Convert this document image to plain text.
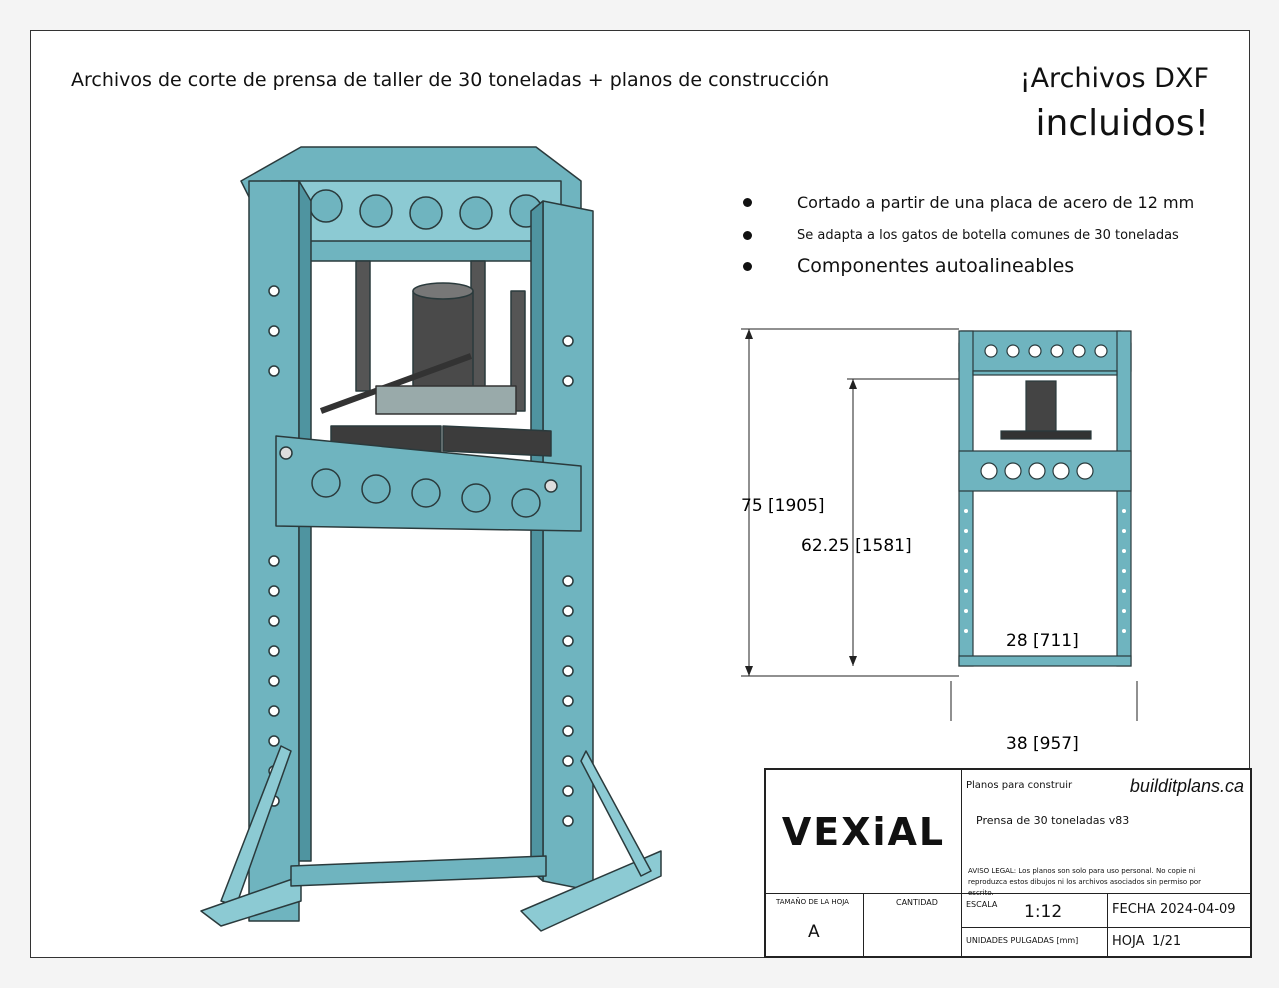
Archivos de corte de prensa de taller de 30 toneladas + planos de construcción	¡Archivos DXF
incluidos!
Cortado a partir de una placa de acero de 12 mm
Se adapta a los gatos de botella comunes de 30 toneladas
Componentes autoalineables
75 [1905]
62.25 [1581]
28 [711]
38 [957]
VEXiAL
Planos para construir	builditplans.ca
Prensa de 30 toneladas v83
AVISO LEGAL: Los planos son solo para uso personal. No copie ni reproduzca estos dibujos ni los archivos asociados sin permiso por escrito.
TAMAÑO DE LA HOJA
A
CANTIDAD	ESCALA 1:12	FECHA 2024-04-09
UNIDADES PULGADAS [mm]	HOJA 1/21
